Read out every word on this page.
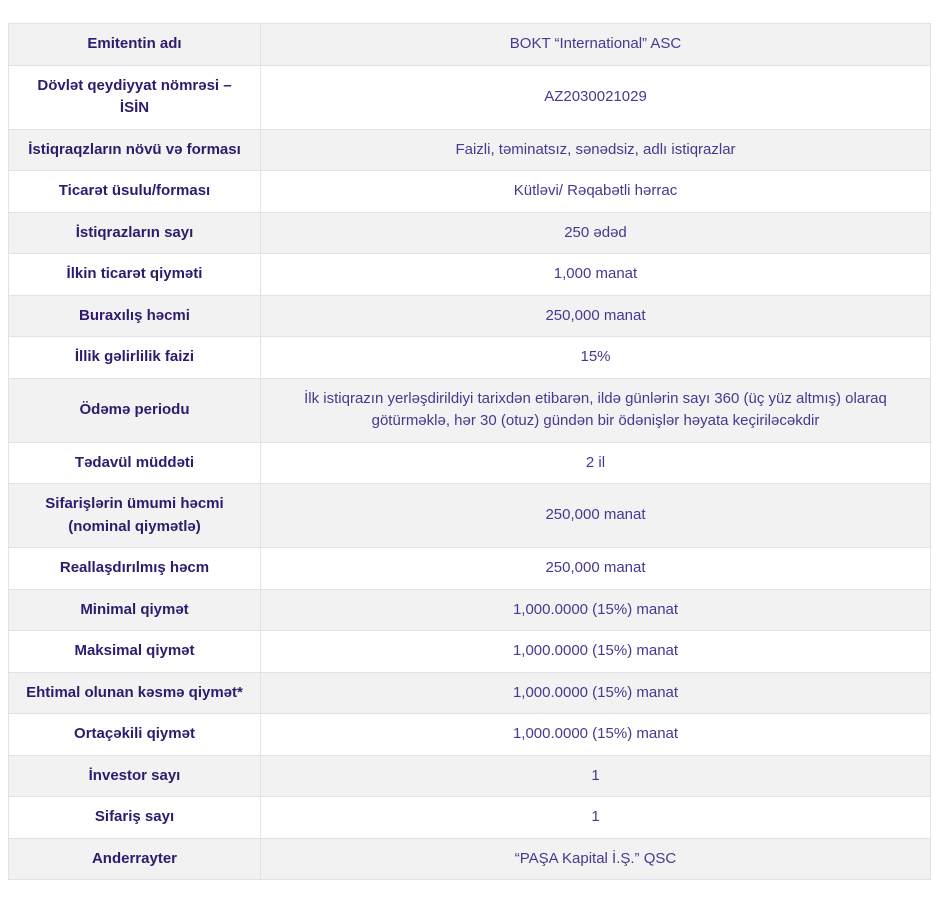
Emitentin adı	BOKT “International” ASC
Dövlət qeydiyyat nömrəsi – İSİN	AZ2030021029
İstiqraqzların növü və forması	Faizli, təminatsız, sənədsiz, adlı istiqrazlar
Ticarət üsulu/forması	Kütləvi/ Rəqabətli hərrac
İstiqrazların sayı	250 ədəd
İlkin ticarət qiyməti	1,000 manat
Buraxılış həcmi	250,000 manat
İllik gəlirlilik faizi	15%
Ödəmə periodu	İlk istiqrazın yerləşdirildiyi tarixdən etibarən, ildə günlərin sayı 360 (üç yüz altmış) olaraq götürməklə, hər 30 (otuz) gündən bir ödənişlər həyata keçiriləcəkdir
Tədavül müddəti	2 il
Sifarişlərin ümumi həcmi (nominal qiymətlə)	250,000 manat
Reallaşdırılmış həcm	250,000 manat
Minimal qiymət	1,000.0000 (15%) manat
Maksimal qiymət	1,000.0000 (15%) manat
Ehtimal olunan kəsmə qiymət*	1,000.0000 (15%) manat
Ortaçəkili qiymət	1,000.0000 (15%) manat
İnvestor sayı	1
Sifariş sayı	1
Anderrayter	“PAŞA Kapital İ.Ş.” QSC
